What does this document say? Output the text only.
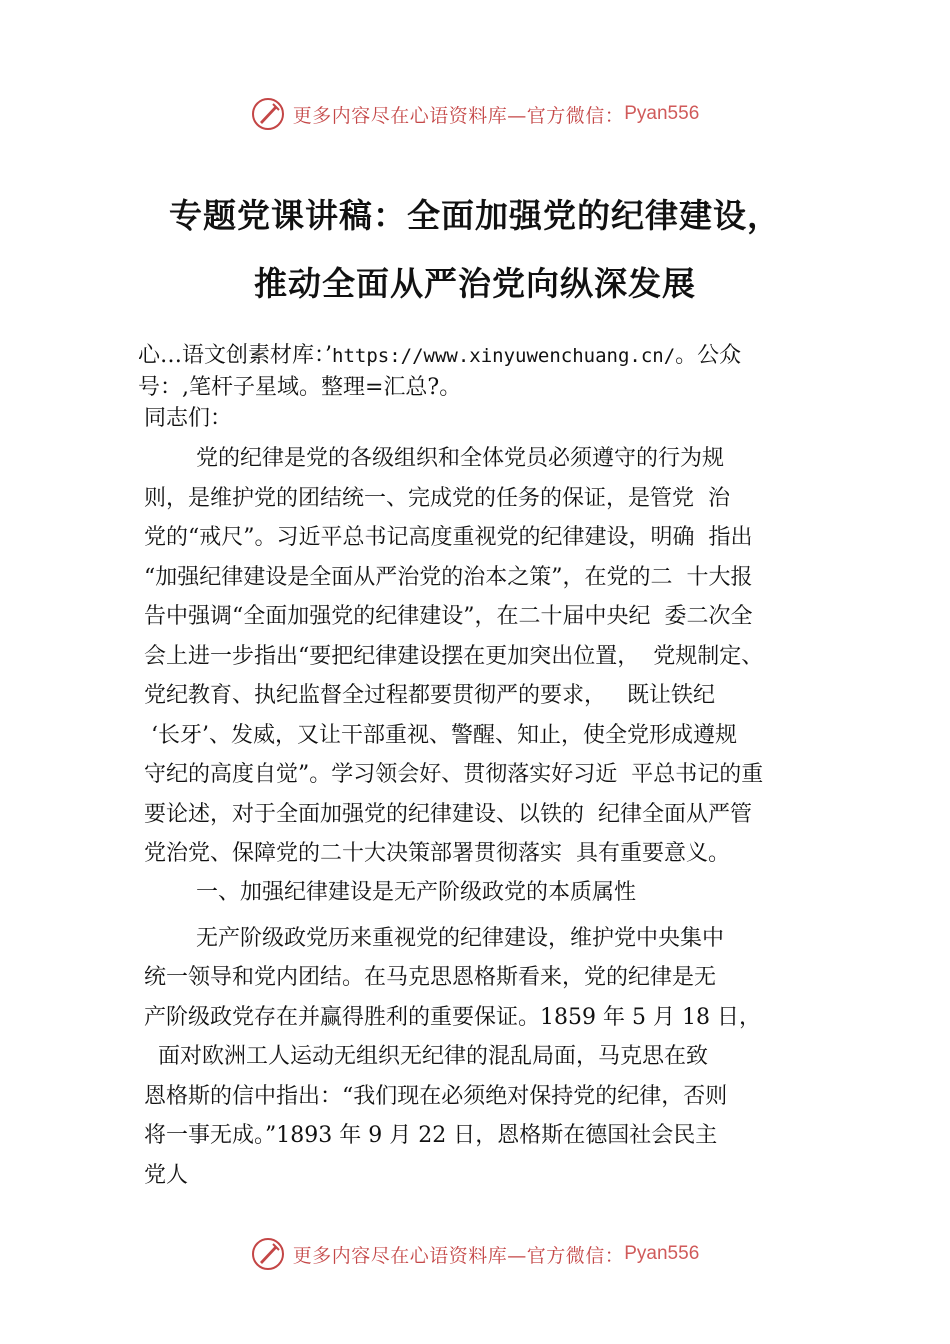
更多内容尽在心语资料库—官方微信： Pyan556
专题党课讲稿：全面加强党的纪律建设，
推动全面从严治党向纵深发展
心…语文创素材库：’https://www.xinyuwenchuang.cn/。公众
号：,笔杆子星域。整理=汇总?。
同志们：
党的纪律是党的各级组织和全体党员必须遵守的行为规
则，是维护党的团结统一、完成党的任务的保证，是管党  治
党的“戒尺”。习近平总书记高度重视党的纪律建设，明确  指出
“加强纪律建设是全面从严治党的治本之策”，在党的二  十大报
告中强调“全面加强党的纪律建设”，在二十届中央纪  委二次全
会上进一步指出“要把纪律建设摆在更加突出位置，  党规制定、
党纪教育、执纪监督全过程都要贯彻严的要求，   既让铁纪
‘长牙’、发威，又让干部重视、警醒、知止，使全党形成遵规
守纪的高度自觉”。学习领会好、贯彻落实好习近  平总书记的重
要论述，对于全面加强党的纪律建设、以铁的  纪律全面从严管
党治党、保障党的二十大决策部署贯彻落实  具有重要意义。
一、加强纪律建设是无产阶级政党的本质属性
无产阶级政党历来重视党的纪律建设，维护党中央集中
统一领导和党内团结。在马克思恩格斯看来，党的纪律是无
产阶级政党存在并赢得胜利的重要保证。1859 年 5 月 18 日，
面对欧洲工人运动无组织无纪律的混乱局面，马克思在致
恩格斯的信中指出：“我们现在必须绝对保持党的纪律，否则
将一事无成。”1893 年 9 月 22 日，恩格斯在德国社会民主
党人
更多内容尽在心语资料库—官方微信： Pyan556
